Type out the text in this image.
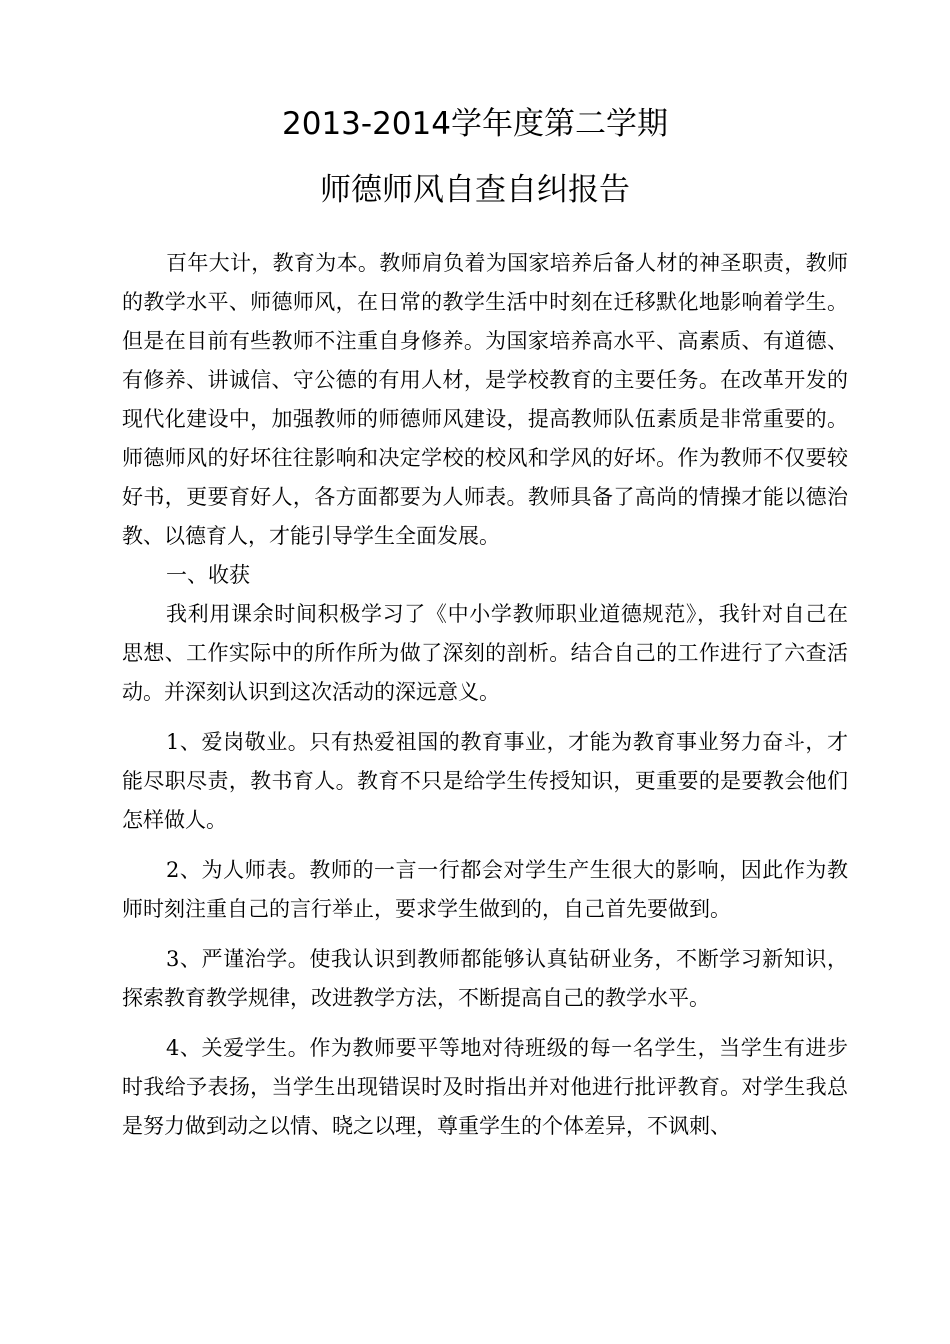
2013-2014学年度第二学期
师德师风自查自纠报告

百年大计，教育为本。教师肩负着为国家培养后备人材的神圣职责，教师的教学水平、师德师风，在日常的教学生活中时刻在迁移默化地影响着学生。但是在目前有些教师不注重自身修养。为国家培养高水平、高素质、有道德、有修养、讲诚信、守公德的有用人材，是学校教育的主要任务。在改革开发的现代化建设中，加强教师的师德师风建设，提高教师队伍素质是非常重要的。师德师风的好坏往往影响和决定学校的校风和学风的好坏。作为教师不仅要较好书，更要育好人，各方面都要为人师表。教师具备了高尚的情操才能以德治教、以德育人，才能引导学生全面发展。

一、收获

我利用课余时间积极学习了《中小学教师职业道德规范》，我针对自己在思想、工作实际中的所作所为做了深刻的剖析。结合自己的工作进行了六查活动。并深刻认识到这次活动的深远意义。

1、爱岗敬业。只有热爱祖国的教育事业，才能为教育事业努力奋斗，才能尽职尽责，教书育人。教育不只是给学生传授知识，更重要的是要教会他们怎样做人。

2、为人师表。教师的一言一行都会对学生产生很大的影响，因此作为教师时刻注重自己的言行举止，要求学生做到的，自己首先要做到。

3、严谨治学。使我认识到教师都能够认真钻研业务，不断学习新知识，探索教育教学规律，改进教学方法，不断提高自己的教学水平。

4、关爱学生。作为教师要平等地对待班级的每一名学生，当学生有进步时我给予表扬，当学生出现错误时及时指出并对他进行批评教育。对学生我总是努力做到动之以情、晓之以理，尊重学生的个体差异，不讽刺、
